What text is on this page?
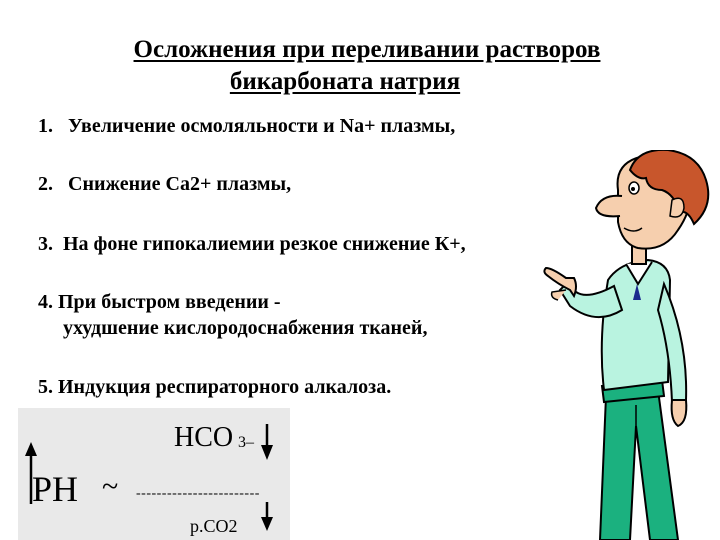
Осложнения при переливании растворов
бикарбоната натрия
1. Увеличение осмоляльности и Na+ плазмы,
2. Снижение Ca2+ плазмы,
3. На фоне гипокалиемии резкое снижение К+,
4. При быстром введении -
ухудшение кислородоснабжения тканей,
5. Индукция респираторного алкалоза.
PH ~
HCO 3–
------------------------
p.CO2
